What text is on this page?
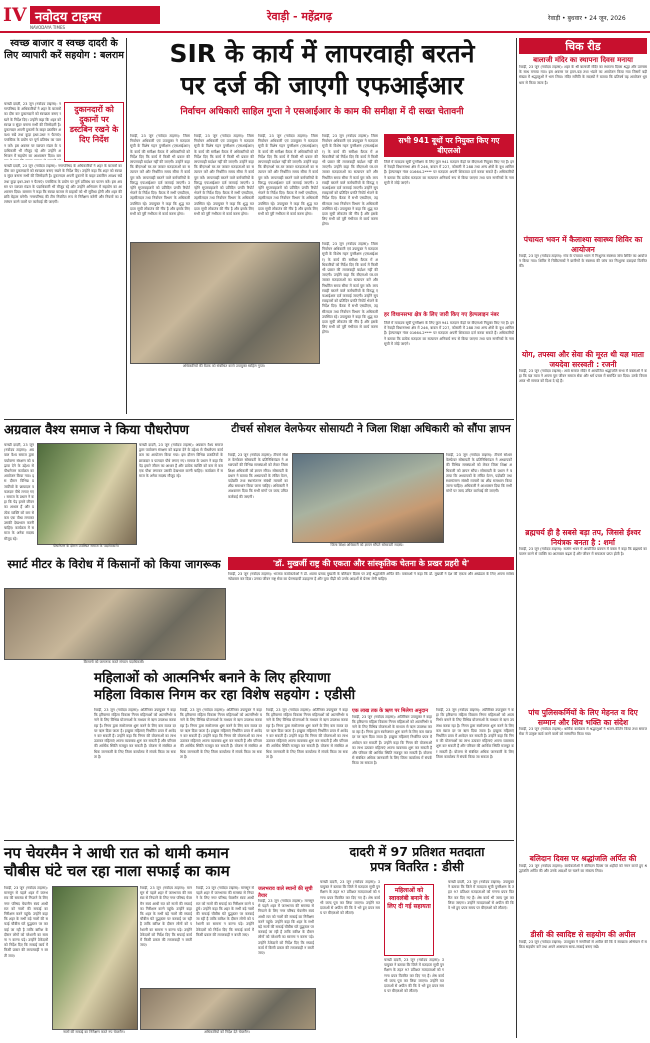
IV नवोदय टाइम्स
NAVODAYA TIMES
रेवाड़ी - महेंद्रगढ़	रेवाड़ी • बुधवार • 24 जून, 2026
स्वच्छ बाजार व स्वच्छ दादरी के लिए व्यापारी करें सहयोग : बलराम
दुकानदारों को दुकानों पर डस्टबिन रखने के दिए निर्देश
चरखी दादरी, 23 जून (नवोदय टाइम्स): नगरपरिषद के अधिकारियों ने शहर के बाजारों का दौरा कर दुकानदारों को स्वच्छता बनाए रखने के निर्देश दिए। उन्होंने कहा कि शहर को स्वच्छ व सुंदर बनाना सभी की जिम्मेदारी है। दुकानदार अपनी दुकानों के बाहर डस्टबिन अवश्य रखें तथा कूड़ा इधर-उधर न फैलाएं। प्लास्टिक के प्रयोग पर पूर्ण प्रतिबंध का पालन करें। इस अवसर पर व्यापार मंडल के पदाधिकारी भी मौजूद रहे और उन्होंने अभियान में सहयोग का आश्वासन दिया। बल
चरखी दादरी, 23 जून (नवोदय टाइम्स): नगरपरिषद के अधिकारियों ने शहर के बाजारों का दौरा कर दुकानदारों को स्वच्छता बनाए रखने के निर्देश दिए। उन्होंने कहा कि शहर को स्वच्छ व सुंदर बनाना सभी की जिम्मेदारी है। दुकानदार अपनी दुकानों के बाहर डस्टबिन अवश्य रखें तथा कूड़ा इधर-उधर न फैलाएं। प्लास्टिक के प्रयोग पर पूर्ण प्रतिबंध का पालन करें। इस अवसर पर व्यापार मंडल के पदाधिकारी भी मौजूद रहे और उन्होंने अभियान में सहयोग का आश्वासन दिया। बलराम ने कहा कि स्वच्छ बाजार से ग्राहकों को भी सुविधा होगी और शहर की छवि बेहतर बनेगी। नगरपरिषद की टीम नियमित रूप से निरीक्षण करेगी और नियमों का उल्लंघन करने वालों पर कार्रवाई की जाएगी।
SIR के कार्य में लापरवाही बरतने
पर दर्ज की जाएगी एफआईआर
निर्वाचन अधिकारी साहिल गुप्ता ने एसआईआर के काम की समीक्षा में दी सख्त चेतावनी
रेवाड़ी, 23 जून (नवोदय टाइम्स): जिला निर्वाचन अधिकारी एवं उपायुक्त ने मतदाता सूची के विशेष गहन पुनरीक्षण (एसआईआर) के कार्य की समीक्षा बैठक में अधिकारियों को निर्देश दिए कि कार्य में किसी भी प्रकार की लापरवाही बर्दाश्त नहीं की जाएगी। उन्होंने कहा कि बीएलओ घर-घर जाकर मतदाताओं का सत्यापन करें और निर्धारित समय सीमा में कार्य पूरा करें। लापरवाही बरतने वाले कर्मचारियों के विरुद्ध एफआईआर दर्ज करवाई जाएगी। उन्होंने सुपरवाइजरों को प्रतिदिन प्रगति रिपोर्ट भेजने के निर्देश दिए। बैठक में सभी एसडीएम, तहसीलदार तथा निर्वाचन विभाग के अधिकारी उपस्थित रहे। उपायुक्त ने कहा कि शुद्ध मतदाता सूची लोकतंत्र की नींव है और इसके लिए सभी को पूरी गंभीरता से कार्य करना होगा।
रेवाड़ी, 23 जून (नवोदय टाइम्स): जिला निर्वाचन अधिकारी एवं उपायुक्त ने मतदाता सूची के विशेष गहन पुनरीक्षण (एसआईआर) के कार्य की समीक्षा बैठक में अधिकारियों को निर्देश दिए कि कार्य में किसी भी प्रकार की लापरवाही बर्दाश्त नहीं की जाएगी। उन्होंने कहा कि बीएलओ घर-घर जाकर मतदाताओं का सत्यापन करें और निर्धारित समय सीमा में कार्य पूरा करें। लापरवाही बरतने वाले कर्मचारियों के विरुद्ध एफआईआर दर्ज करवाई जाएगी। उन्होंने सुपरवाइजरों को प्रतिदिन प्रगति रिपोर्ट भेजने के निर्देश दिए। बैठक में सभी एसडीएम, तहसीलदार तथा निर्वाचन विभाग के अधिकारी उपस्थित रहे। उपायुक्त ने कहा कि शुद्ध मतदाता सूची लोकतंत्र की नींव है और इसके लिए सभी को पूरी गंभीरता से कार्य करना होगा।
रेवाड़ी, 23 जून (नवोदय टाइम्स): जिला निर्वाचन अधिकारी एवं उपायुक्त ने मतदाता सूची के विशेष गहन पुनरीक्षण (एसआईआर) के कार्य की समीक्षा बैठक में अधिकारियों को निर्देश दिए कि कार्य में किसी भी प्रकार की लापरवाही बर्दाश्त नहीं की जाएगी। उन्होंने कहा कि बीएलओ घर-घर जाकर मतदाताओं का सत्यापन करें और निर्धारित समय सीमा में कार्य पूरा करें। लापरवाही बरतने वाले कर्मचारियों के विरुद्ध एफआईआर दर्ज करवाई जाएगी। उन्होंने सुपरवाइजरों को प्रतिदिन प्रगति रिपोर्ट भेजने के निर्देश दिए। बैठक में सभी एसडीएम, तहसीलदार तथा निर्वाचन विभाग के अधिकारी उपस्थित रहे। उपायुक्त ने कहा कि शुद्ध मतदाता सूची लोकतंत्र की नींव है और इसके लिए सभी को पूरी गंभीरता से कार्य करना होगा।
रेवाड़ी, 23 जून (नवोदय टाइम्स): जिला निर्वाचन अधिकारी एवं उपायुक्त ने मतदाता सूची के विशेष गहन पुनरीक्षण (एसआईआर) के कार्य की समीक्षा बैठक में अधिकारियों को निर्देश दिए कि कार्य में किसी भी प्रकार की लापरवाही बर्दाश्त नहीं की जाएगी। उन्होंने कहा कि बीएलओ घर-घर जाकर मतदाताओं का सत्यापन करें और निर्धारित समय सीमा में कार्य पूरा करें। लापरवाही बरतने वाले कर्मचारियों के विरुद्ध एफआईआर दर्ज करवाई जाएगी। उन्होंने सुपरवाइजरों को प्रतिदिन प्रगति रिपोर्ट भेजने के निर्देश दिए। बैठक में सभी एसडीएम, तहसीलदार तथा निर्वाचन विभाग के अधिकारी उपस्थित रहे। उपायुक्त ने कहा कि शुद्ध मतदाता सूची लोकतंत्र की नींव है और इसके लिए सभी को पूरी गंभीरता से कार्य करना होगा।
अधिकारियों की बैठक को संबोधित करते उपायुक्त साहिल गुप्ता।
रेवाड़ी, 23 जून (नवोदय टाइम्स): जिला निर्वाचन अधिकारी एवं उपायुक्त ने मतदाता सूची के विशेष गहन पुनरीक्षण (एसआईआर) के कार्य की समीक्षा बैठक में अधिकारियों को निर्देश दिए कि कार्य में किसी भी प्रकार की लापरवाही बर्दाश्त नहीं की जाएगी। उन्होंने कहा कि बीएलओ घर-घर जाकर मतदाताओं का सत्यापन करें और निर्धारित समय सीमा में कार्य पूरा करें। लापरवाही बरतने वाले कर्मचारियों के विरुद्ध एफआईआर दर्ज करवाई जाएगी। उन्होंने सुपरवाइजरों को प्रतिदिन प्रगति रिपोर्ट भेजने के निर्देश दिए। बैठक में सभी एसडीएम, तहसीलदार तथा निर्वाचन विभाग के अधिकारी उपस्थित रहे। उपायुक्त ने कहा कि शुद्ध मतदाता सूची लोकतंत्र की नींव है और इसके लिए सभी को पूरी गंभीरता से कार्य करना होगा।
सभी 941 बूथों पर नियुक्त किए गए बीएलओ
जिले में मतदाता सूची पुनरीक्षण के लिए कुल 941 मतदान केंद्रों पर बीएलओ नियुक्त किए गए हैं। इनमें रेवाड़ी विधानसभा क्षेत्र में 246, बावल में 227, कोसली में 288 तथा अन्य क्षेत्रों के बूथ शामिल हैं। हेल्पलाइन नंबर 01664-2**** पर मतदाता अपनी शिकायत दर्ज करवा सकते हैं। अधिकारियों ने बताया कि प्रत्येक मतदाता का सत्यापन अनिवार्य रूप से किया जाएगा तथा पात्र नागरिकों के नाम सूची में जोड़े जाएंगे।
हर विधानसभा क्षेत्र के लिए जारी किए गए हेल्पलाइन नंबर
जिले में मतदाता सूची पुनरीक्षण के लिए कुल 941 मतदान केंद्रों पर बीएलओ नियुक्त किए गए हैं। इनमें रेवाड़ी विधानसभा क्षेत्र में 246, बावल में 227, कोसली में 288 तथा अन्य क्षेत्रों के बूथ शामिल हैं। हेल्पलाइन नंबर 01664-2**** पर मतदाता अपनी शिकायत दर्ज करवा सकते हैं। अधिकारियों ने बताया कि प्रत्येक मतदाता का सत्यापन अनिवार्य रूप से किया जाएगा तथा पात्र नागरिकों के नाम सूची में जोड़े जाएंगे।
चिक रीड
बालाजी मंदिर का स्थापना दिवस मनाया
रेवाड़ी, 23 जून (नवोदय टाइम्स): शहर के श्री बालाजी मंदिर का स्थापना दिवस श्रद्धा और उल्लास के साथ मनाया गया। इस अवसर पर हवन-यज्ञ तथा भंडारे का आयोजन किया गया जिसमें बड़ी संख्या में श्रद्धालुओं ने भाग लिया। मंदिर समिति के सदस्यों ने बताया कि प्रतिवर्ष यह आयोजन धूमधाम से किया जाता है।
पंचायत भवन में कैलाश्या स्वास्थ्य शिविर का आयोजन
रेवाड़ी, 23 जून (नवोदय टाइम्स): गांव के पंचायत भवन में निःशुल्क स्वास्थ्य जांच शिविर का आयोजन किया गया। शिविर में चिकित्सकों ने ग्रामीणों के स्वास्थ्य की जांच कर निःशुल्क दवाइयां वितरित कीं।
योग, तपस्या और सेवा की मूरत थी यज्ञ माता जयदेवा सरस्वती : रजनी
रेवाड़ी, 23 जून (नवोदय टाइम्स): आर्य समाज मंदिर में आयोजित श्रद्धांजलि सभा में वक्ताओं ने कहा कि यज्ञ माता ने अपना पूरा जीवन समाज सेवा और धर्म प्रचार में समर्पित कर दिया। उनके विचार आज भी समाज को दिशा दे रहे हैं।
ब्रह्मचर्य ही है सबसे बड़ा तप, जिससे ईश्वर नियंत्रक बनता है : शर्मा
रेवाड़ी, 23 जून (नवोदय टाइम्स): सत्संग भवन में आयोजित प्रवचन में वक्ता ने कहा कि ब्रह्मचर्य का पालन करने से व्यक्ति का आत्मबल बढ़ता है और जीवन में सफलता प्राप्त होती है।
पांच पुलिसकर्मियों के लिए मेहनत व दिए सम्मान और शिव भक्ति का संदेश
रेवाड़ी, 23 जून (नवोदय टाइम्स): धार्मिक कार्यक्रम में श्रद्धालुओं ने भजन-कीर्तन किया तथा समाज सेवा में उत्कृष्ट कार्य करने वालों को सम्मानित किया गया।
बलिदान दिवस पर श्रद्धांजलि अर्पित की
रेवाड़ी, 23 जून (नवोदय टाइम्स): कार्यकर्ताओं ने बलिदान दिवस पर शहीदों को नमन करते हुए श्रद्धांजलि अर्पित की और उनके आदर्शों पर चलने का संकल्प लिया।
डीसी की स्वादिष्ट से सहयोग की अपील
रेवाड़ी, 23 जून (नवोदय टाइम्स): उपायुक्त ने नागरिकों से अपील की कि वे स्वच्छता अभियान में सक्रिय सहयोग करें तथा अपने आसपास साफ-सफाई बनाए रखें।
अग्रवाल वैश्य समाज ने किया पौधरोपण
चरखी दादरी, 23 जून (नवोदय टाइम्स): अग्रवाल वैश्य समाज द्वारा पर्यावरण संरक्षण को बढ़ावा देने के उद्देश्य से पौधरोपण कार्यक्रम का आयोजन किया गया। इस दौरान विभिन्न प्रजातियों के छायादार व फलदार पौधे लगाए गए। समाज के प्रधान ने कहा कि पेड़ हमारे जीवन का आधार हैं और प्रत्येक व्यक्ति को कम से कम एक पौधा लगाकर उसकी देखभाल करनी चाहिए। कार्यक्रम में समाज के अनेक सदस्य मौजूद रहे।
पौधरोपण के दौरान उपस्थित समाज के पदाधिकारी।
चरखी दादरी, 23 जून (नवोदय टाइम्स): अग्रवाल वैश्य समाज द्वारा पर्यावरण संरक्षण को बढ़ावा देने के उद्देश्य से पौधरोपण कार्यक्रम का आयोजन किया गया। इस दौरान विभिन्न प्रजातियों के छायादार व फलदार पौधे लगाए गए। समाज के प्रधान ने कहा कि पेड़ हमारे जीवन का आधार हैं और प्रत्येक व्यक्ति को कम से कम एक पौधा लगाकर उसकी देखभाल करनी चाहिए। कार्यक्रम में समाज के अनेक सदस्य मौजूद रहे।
टीचर्स सोशल वेलफेयर सोसायटी ने जिला शिक्षा अधिकारी को सौंपा ज्ञापन
रेवाड़ी, 23 जून (नवोदय टाइम्स): टीचर्स सोशल वेलफेयर सोसायटी के प्रतिनिधिमंडल ने अध्यापकों की विभिन्न समस्याओं को लेकर जिला शिक्षा अधिकारी को ज्ञापन सौंपा। सोसायटी के प्रधान ने बताया कि अध्यापकों के लंबित वेतन, पदोन्नति तथा स्थानांतरण संबंधी मामलों का शीघ्र समाधान किया जाना चाहिए। अधिकारी ने आश्वासन दिया कि सभी मांगों पर जल्द उचित कार्रवाई की जाएगी।
जिला शिक्षा अधिकारी को ज्ञापन सौंपते सोसायटी सदस्य।
रेवाड़ी, 23 जून (नवोदय टाइम्स): टीचर्स सोशल वेलफेयर सोसायटी के प्रतिनिधिमंडल ने अध्यापकों की विभिन्न समस्याओं को लेकर जिला शिक्षा अधिकारी को ज्ञापन सौंपा। सोसायटी के प्रधान ने बताया कि अध्यापकों के लंबित वेतन, पदोन्नति तथा स्थानांतरण संबंधी मामलों का शीघ्र समाधान किया जाना चाहिए। अधिकारी ने आश्वासन दिया कि सभी मांगों पर जल्द उचित कार्रवाई की जाएगी।
स्मार्ट मीटर के विरोध में किसानों को किया जागरूक
किसानों को जागरूक करते संगठन पदाधिकारी।
'डॉ. मुखर्जी राष्ट्र की एकता और सांस्कृतिक चेतना के प्रखर प्रहरी थे'
रेवाड़ी, 23 जून (नवोदय टाइम्स): भाजपा कार्यकर्ताओं ने डॉ. श्यामा प्रसाद मुखर्जी के बलिदान दिवस पर उन्हें श्रद्धांजलि अर्पित की। वक्ताओं ने कहा कि डॉ. मुखर्जी ने देश की एकता और अखंडता के लिए अपना सर्वस्व न्योछावर कर दिया। उनका जीवन राष्ट्र सेवा का प्रेरणादायी उदाहरण है और युवा पीढ़ी को उनके आदर्शों से प्रेरणा लेनी चाहिए।
महिलाओं को आत्मनिर्भर बनाने के लिए हरियाणा
महिला विकास निगम कर रहा विशेष सहयोग : एडीसी
रेवाड़ी, 23 जून (नवोदय टाइम्स): अतिरिक्त उपायुक्त ने कहा कि हरियाणा महिला विकास निगम महिलाओं को आत्मनिर्भर बनाने के लिए विभिन्न योजनाओं के माध्यम से ऋण उपलब्ध करवा रहा है। निगम द्वारा स्वरोजगार शुरू करने के लिए कम ब्याज दर पर ऋण दिया जाता है। इच्छुक महिलाएं निर्धारित प्रपत्र में आवेदन कर सकती हैं। उन्होंने कहा कि निगम की योजनाओं का लाभ उठाकर महिलाएं अपना व्यवसाय शुरू कर सकती हैं और परिवार की आर्थिक स्थिति मजबूत कर सकती हैं। योजना से संबंधित अधिक जानकारी के लिए जिला कार्यालय में संपर्क किया जा सकता है।
रेवाड़ी, 23 जून (नवोदय टाइम्स): अतिरिक्त उपायुक्त ने कहा कि हरियाणा महिला विकास निगम महिलाओं को आत्मनिर्भर बनाने के लिए विभिन्न योजनाओं के माध्यम से ऋण उपलब्ध करवा रहा है। निगम द्वारा स्वरोजगार शुरू करने के लिए कम ब्याज दर पर ऋण दिया जाता है। इच्छुक महिलाएं निर्धारित प्रपत्र में आवेदन कर सकती हैं। उन्होंने कहा कि निगम की योजनाओं का लाभ उठाकर महिलाएं अपना व्यवसाय शुरू कर सकती हैं और परिवार की आर्थिक स्थिति मजबूत कर सकती हैं। योजना से संबंधित अधिक जानकारी के लिए जिला कार्यालय में संपर्क किया जा सकता है।
रेवाड़ी, 23 जून (नवोदय टाइम्स): अतिरिक्त उपायुक्त ने कहा कि हरियाणा महिला विकास निगम महिलाओं को आत्मनिर्भर बनाने के लिए विभिन्न योजनाओं के माध्यम से ऋण उपलब्ध करवा रहा है। निगम द्वारा स्वरोजगार शुरू करने के लिए कम ब्याज दर पर ऋण दिया जाता है। इच्छुक महिलाएं निर्धारित प्रपत्र में आवेदन कर सकती हैं। उन्होंने कहा कि निगम की योजनाओं का लाभ उठाकर महिलाएं अपना व्यवसाय शुरू कर सकती हैं और परिवार की आर्थिक स्थिति मजबूत कर सकती हैं। योजना से संबंधित अधिक जानकारी के लिए जिला कार्यालय में संपर्क किया जा सकता है।
एक लाख तक के ऋण पर मिलेगा अनुदान
रेवाड़ी, 23 जून (नवोदय टाइम्स): अतिरिक्त उपायुक्त ने कहा कि हरियाणा महिला विकास निगम महिलाओं को आत्मनिर्भर बनाने के लिए विभिन्न योजनाओं के माध्यम से ऋण उपलब्ध करवा रहा है। निगम द्वारा स्वरोजगार शुरू करने के लिए कम ब्याज दर पर ऋण दिया जाता है। इच्छुक महिलाएं निर्धारित प्रपत्र में आवेदन कर सकती हैं। उन्होंने कहा कि निगम की योजनाओं का लाभ उठाकर महिलाएं अपना व्यवसाय शुरू कर सकती हैं और परिवार की आर्थिक स्थिति मजबूत कर सकती हैं। योजना से संबंधित अधिक जानकारी के लिए जिला कार्यालय में संपर्क किया जा सकता है।
रेवाड़ी, 23 जून (नवोदय टाइम्स): अतिरिक्त उपायुक्त ने कहा कि हरियाणा महिला विकास निगम महिलाओं को आत्मनिर्भर बनाने के लिए विभिन्न योजनाओं के माध्यम से ऋण उपलब्ध करवा रहा है। निगम द्वारा स्वरोजगार शुरू करने के लिए कम ब्याज दर पर ऋण दिया जाता है। इच्छुक महिलाएं निर्धारित प्रपत्र में आवेदन कर सकती हैं। उन्होंने कहा कि निगम की योजनाओं का लाभ उठाकर महिलाएं अपना व्यवसाय शुरू कर सकती हैं और परिवार की आर्थिक स्थिति मजबूत कर सकती हैं। योजना से संबंधित अधिक जानकारी के लिए जिला कार्यालय में संपर्क किया जा सकता है।
नप चेयरमैन ने आधी रात को थामी कमान
चौबीस घंटे चल रहा नाला सफाई का काम
रेवाड़ी, 23 जून (नवोदय टाइम्स): मानसून से पहले शहर में जलभराव की समस्या से निपटने के लिए नगर परिषद चेयरमैन स्वयं आधी रात को नालों की सफाई का निरीक्षण करने पहुंचे। उन्होंने कहा कि शहर के सभी बड़े नालों की सफाई चौबीस घंटे युद्धस्तर पर करवाई जा रही है ताकि बारिश के दौरान लोगों को परेशानी का सामना न करना पड़े। उन्होंने ठेकेदारों को निर्देश दिए कि सफाई कार्य में किसी प्रकार की लापरवाही न बरती जाए।
नालों की सफाई का निरीक्षण करते नप चेयरमैन।
रेवाड़ी, 23 जून (नवोदय टाइम्स): मानसून से पहले शहर में जलभराव की समस्या से निपटने के लिए नगर परिषद चेयरमैन स्वयं आधी रात को नालों की सफाई का निरीक्षण करने पहुंचे। उन्होंने कहा कि शहर के सभी बड़े नालों की सफाई चौबीस घंटे युद्धस्तर पर करवाई जा रही है ताकि बारिश के दौरान लोगों को परेशानी का सामना न करना पड़े। उन्होंने ठेकेदारों को निर्देश दिए कि सफाई कार्य में किसी प्रकार की लापरवाही न बरती जाए।
रेवाड़ी, 23 जून (नवोदय टाइम्स): मानसून से पहले शहर में जलभराव की समस्या से निपटने के लिए नगर परिषद चेयरमैन स्वयं आधी रात को नालों की सफाई का निरीक्षण करने पहुंचे। उन्होंने कहा कि शहर के सभी बड़े नालों की सफाई चौबीस घंटे युद्धस्तर पर करवाई जा रही है ताकि बारिश के दौरान लोगों को परेशानी का सामना न करना पड़े। उन्होंने ठेकेदारों को निर्देश दिए कि सफाई कार्य में किसी प्रकार की लापरवाही न बरती जाए।
जलभराव वाले स्थानों की सूची तैयार
रेवाड़ी, 23 जून (नवोदय टाइम्स): मानसून से पहले शहर में जलभराव की समस्या से निपटने के लिए नगर परिषद चेयरमैन स्वयं आधी रात को नालों की सफाई का निरीक्षण करने पहुंचे। उन्होंने कहा कि शहर के सभी बड़े नालों की सफाई चौबीस घंटे युद्धस्तर पर करवाई जा रही है ताकि बारिश के दौरान लोगों को परेशानी का सामना न करना पड़े। उन्होंने ठेकेदारों को निर्देश दिए कि सफाई कार्य में किसी प्रकार की लापरवाही न बरती जाए।
अधिकारियों को निर्देश देते चेयरमैन।
दादरी में 97 प्रतिशत मतदाता
प्रपत्र वितरित : डीसी
चरखी दादरी, 23 जून (नवोदय टाइम्स): उपायुक्त ने बताया कि जिले में मतदाता सूची पुनरीक्षण के तहत 97 प्रतिशत मतदाताओं को गणना प्रपत्र वितरित कर दिए गए हैं। शेष कार्य भी जल्द पूरा कर लिया जाएगा। उन्होंने मतदाताओं से अपील की कि वे भरे हुए प्रपत्र समय पर बीएलओ को लौटाएं।
महिलाओं को स्वावलंबी बनाने के लिए दी गई सहायता
चरखी दादरी, 23 जून (नवोदय टाइम्स): उपायुक्त ने बताया कि जिले में मतदाता सूची पुनरीक्षण के तहत 97 प्रतिशत मतदाताओं को गणना प्रपत्र वितरित कर दिए गए हैं। शेष कार्य भी जल्द पूरा कर लिया जाएगा। उन्होंने मतदाताओं से अपील की कि वे भरे हुए प्रपत्र समय पर बीएलओ को लौटाएं।
चरखी दादरी, 23 जून (नवोदय टाइम्स): उपायुक्त ने बताया कि जिले में मतदाता सूची पुनरीक्षण के तहत 97 प्रतिशत मतदाताओं को गणना प्रपत्र वितरित कर दिए गए हैं। शेष कार्य भी जल्द पूरा कर लिया जाएगा। उन्होंने मतदाताओं से अपील की कि वे भरे हुए प्रपत्र समय पर बीएलओ को लौटाएं।
